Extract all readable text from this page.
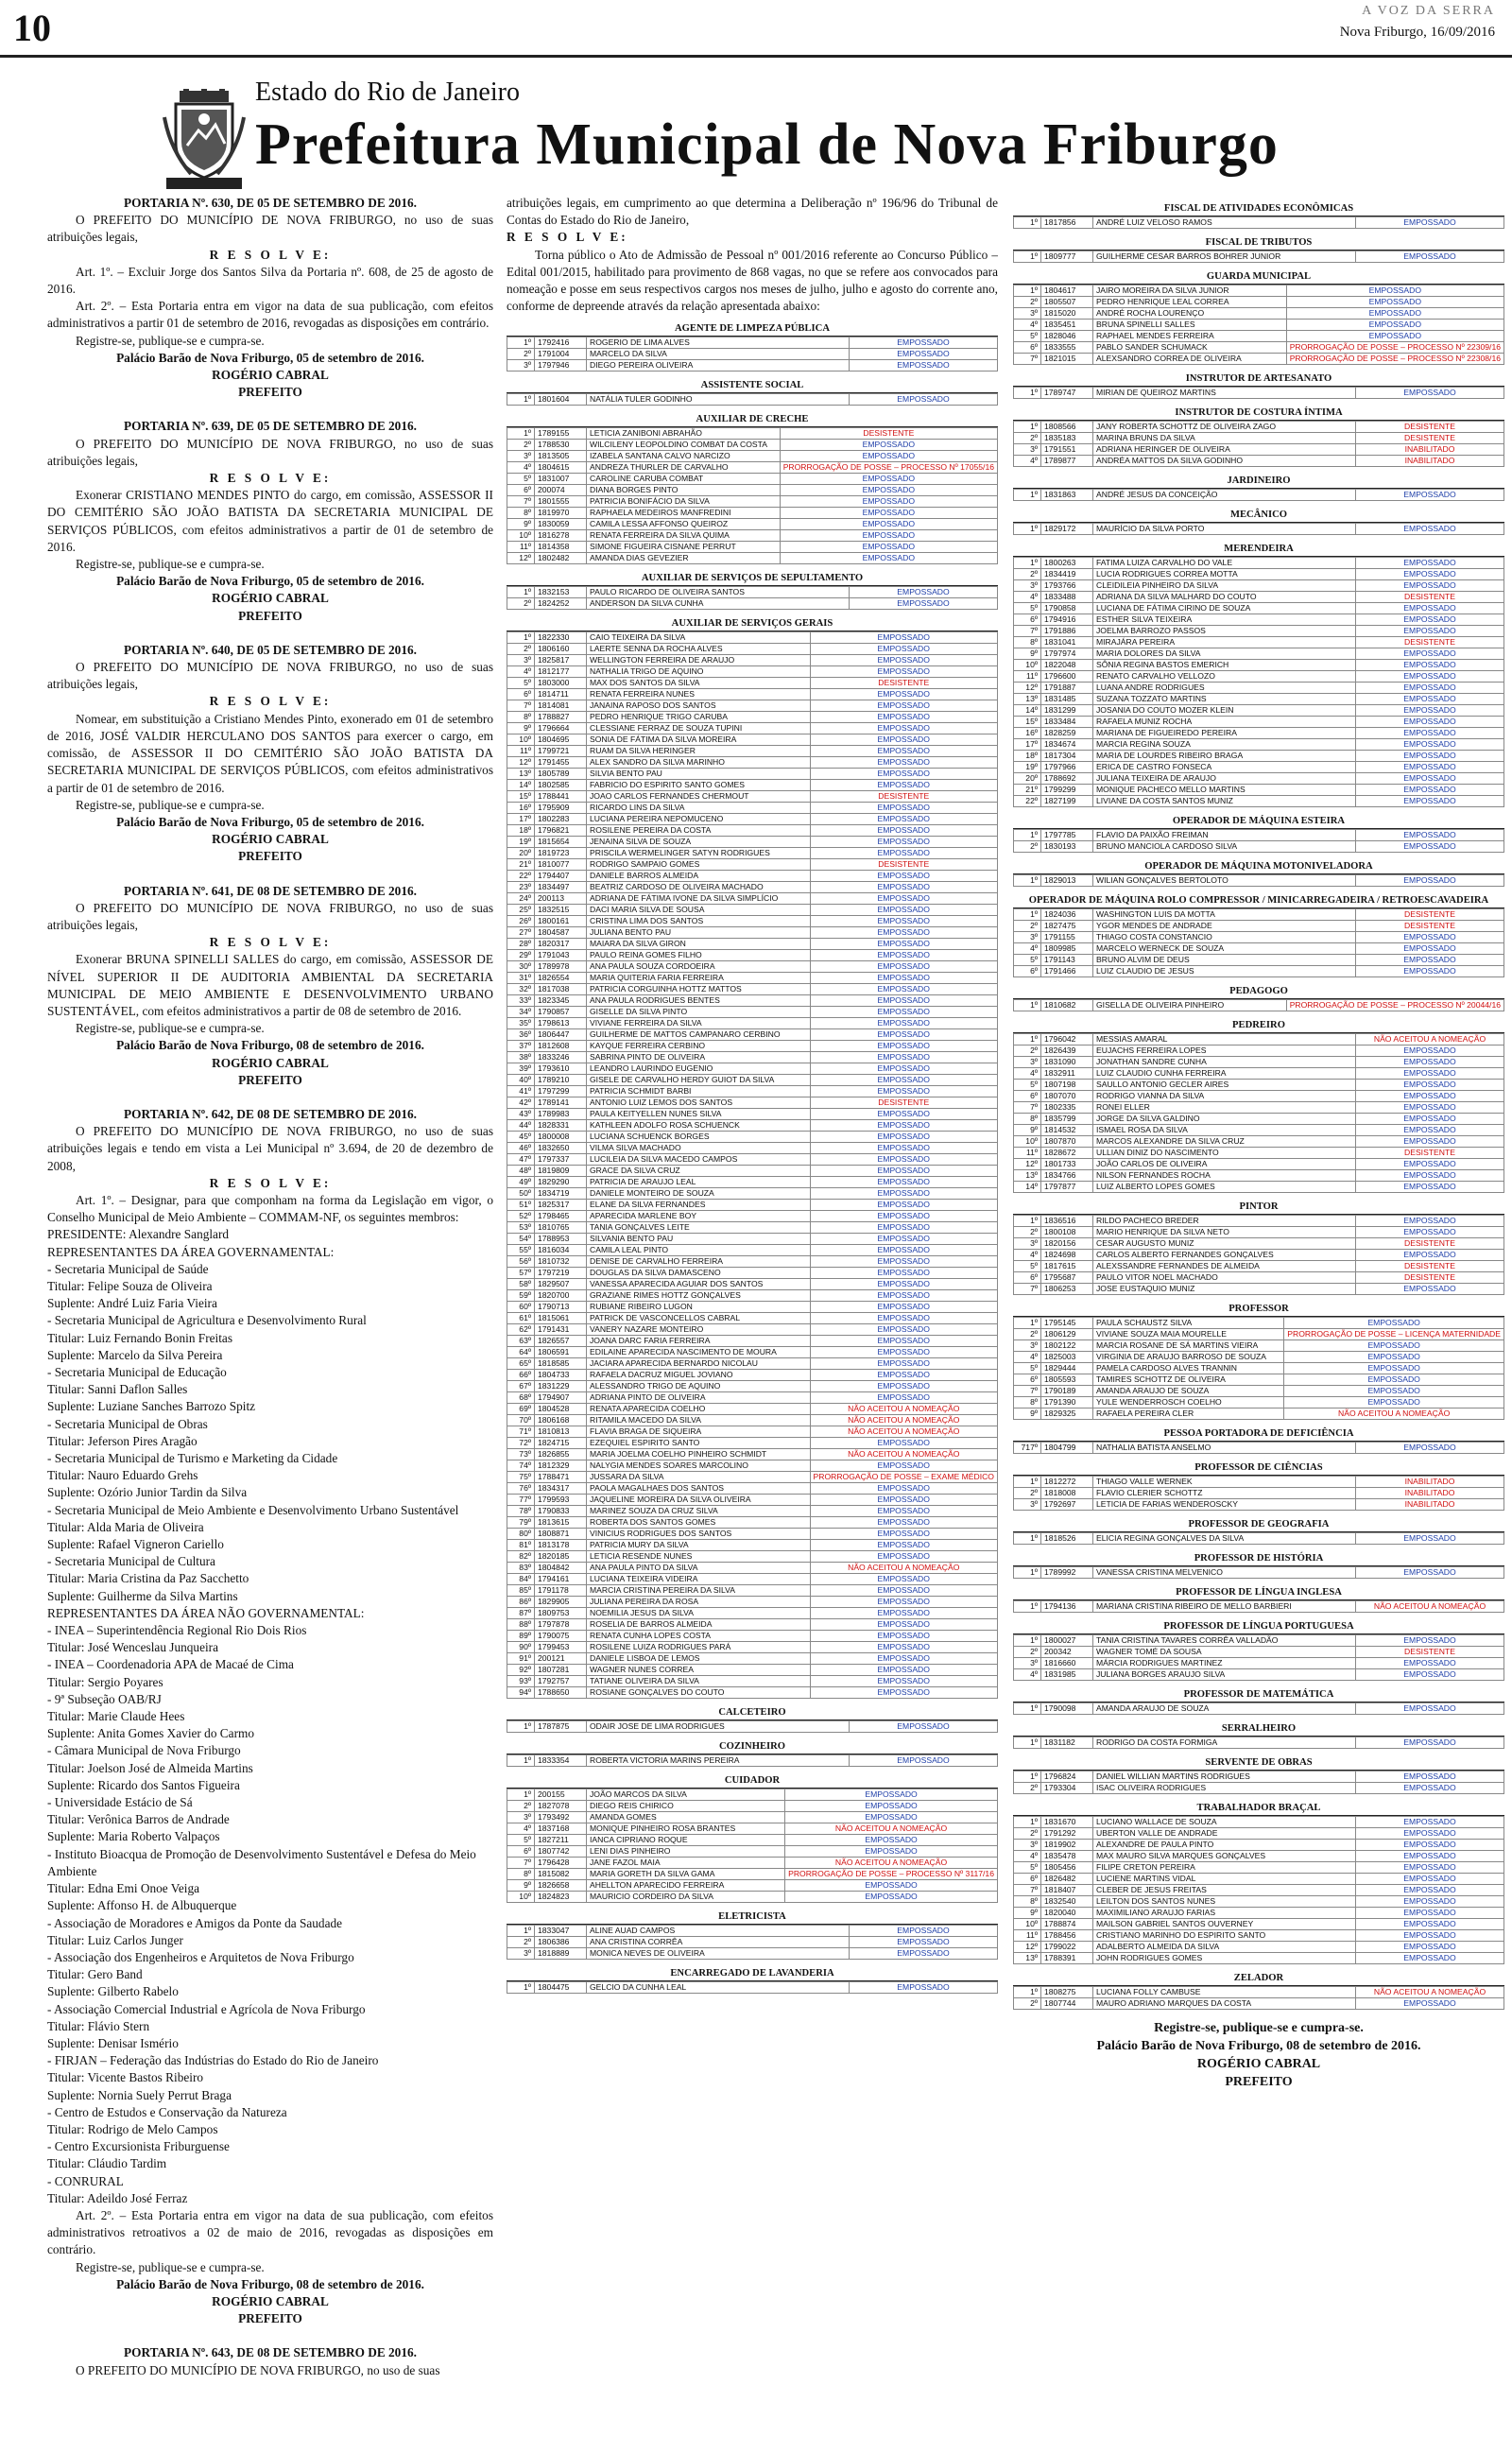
10	A VOZ DA SERRA
Nova Friburgo, 16/09/2016
Estado do Rio de Janeiro
Prefeitura Municipal de Nova Friburgo

PORTARIA Nº. 630, DE 05 DE SETEMBRO DE 2016.

O PREFEITO DO MUNICÍPIO DE NOVA FRIBURGO, no uso de suas atribuições legais,

R E S O L V E:

Art. 1º. – Excluir Jorge dos Santos Silva da Portaria nº. 608, de 25 de agosto de 2016.

Art. 2º. – Esta Portaria entra em vigor na data de sua publicação, com efeitos administrativos a partir 01 de setembro de 2016, revogadas as disposições em contrário.

Registre-se, publique-se e cumpra-se.

Palácio Barão de Nova Friburgo, 05 de setembro de 2016.

ROGÉRIO CABRAL

PREFEITO

PORTARIA Nº. 639, DE 05 DE SETEMBRO DE 2016.

O PREFEITO DO MUNICÍPIO DE NOVA FRIBURGO, no uso de suas atribuições legais,

R E S O L V E:

Exonerar CRISTIANO MENDES PINTO do cargo, em comissão, ASSESSOR II DO CEMITÉRIO SÃO JOÃO BATISTA DA SECRETARIA MUNICIPAL DE SERVIÇOS PÚBLICOS, com efeitos administrativos a partir de 01 de setembro de 2016.

Registre-se, publique-se e cumpra-se.

Palácio Barão de Nova Friburgo, 05 de setembro de 2016.

ROGÉRIO CABRAL

PREFEITO

PORTARIA Nº. 640, DE 05 DE SETEMBRO DE 2016.

O PREFEITO DO MUNICÍPIO DE NOVA FRIBURGO, no uso de suas atribuições legais,

R E S O L V E:

Nomear, em substituição a Cristiano Mendes Pinto, exonerado em 01 de setembro de 2016, JOSÉ VALDIR HERCULANO DOS SANTOS para exercer o cargo, em comissão, de ASSESSOR II DO CEMITÉRIO SÃO JOÃO BATISTA DA SECRETARIA MUNICIPAL DE SERVIÇOS PÚBLICOS, com efeitos administrativos a partir de 01 de setembro de 2016.

Registre-se, publique-se e cumpra-se.

Palácio Barão de Nova Friburgo, 05 de setembro de 2016.

ROGÉRIO CABRAL

PREFEITO

PORTARIA Nº. 641, DE 08 DE SETEMBRO DE 2016.

O PREFEITO DO MUNICÍPIO DE NOVA FRIBURGO, no uso de suas atribuições legais,

R E S O L V E:

Exonerar BRUNA SPINELLI SALLES do cargo, em comissão, ASSESSOR DE NÍVEL SUPERIOR II DE AUDITORIA AMBIENTAL DA SECRETARIA MUNICIPAL DE MEIO AMBIENTE E DESENVOLVIMENTO URBANO SUSTENTÁVEL, com efeitos administrativos a partir de 08 de setembro de 2016.

Registre-se, publique-se e cumpra-se.

Palácio Barão de Nova Friburgo, 08 de setembro de 2016.

ROGÉRIO CABRAL

PREFEITO

PORTARIA Nº. 642, DE 08 DE SETEMBRO DE 2016.

O PREFEITO DO MUNICÍPIO DE NOVA FRIBURGO, no uso de suas atribuições legais e tendo em vista a Lei Municipal nº 3.694, de 20 de dezembro de 2008,

R E S O L V E:

Art. 1º. – Designar, para que componham na forma da Legislação em vigor, o Conselho Municipal de Meio Ambiente – COMMAM-NF, os seguintes membros:

PRESIDENTE: Alexandre Sanglard

REPRESENTANTES DA ÁREA GOVERNAMENTAL:

- Secretaria Municipal de Saúde

Titular: Felipe Souza de Oliveira

Suplente: André Luiz Faria Vieira

- Secretaria Municipal de Agricultura e Desenvolvimento Rural

Titular: Luiz Fernando Bonin Freitas

Suplente: Marcelo da Silva Pereira

- Secretaria Municipal de Educação

Titular: Sanni Daflon Salles

Suplente: Luziane Sanches Barrozo Spitz

- Secretaria Municipal de Obras

Titular: Jeferson Pires Aragão

- Secretaria Municipal de Turismo e Marketing da Cidade

Titular: Nauro Eduardo Grehs

Suplente: Ozório Junior Tardin da Silva

- Secretaria Municipal de Meio Ambiente e Desenvolvimento Urbano Sustentável

Titular: Alda Maria de Oliveira

Suplente: Rafael Vigneron Cariello

- Secretaria Municipal de Cultura

Titular: Maria Cristina da Paz Sacchetto

Suplente: Guilherme da Silva Martins

REPRESENTANTES DA ÁREA NÃO GOVERNAMENTAL:

- INEA – Superintendência Regional Rio Dois Rios

Titular: José Wenceslau Junqueira

- INEA – Coordenadoria APA de Macaé de Cima

Titular: Sergio Poyares

- 9ª Subseção OAB/RJ

Titular: Marie Claude Hees

Suplente: Anita Gomes Xavier do Carmo

- Câmara Municipal de Nova Friburgo

Titular: Joelson José de Almeida Martins

Suplente: Ricardo dos Santos Figueira

- Universidade Estácio de Sá

Titular: Verônica Barros de Andrade

Suplente: Maria Roberto Valpaços

- Instituto Bioacqua de Promoção de Desenvolvimento Sustentável e Defesa do Meio Ambiente

Titular: Edna Emi Onoe Veiga

Suplente: Affonso H. de Albuquerque

- Associação de Moradores e Amigos da Ponte da Saudade

Titular: Luiz Carlos Junger

- Associação dos Engenheiros e Arquitetos de Nova Friburgo

Titular: Gero Band

Suplente: Gilberto Rabelo

- Associação Comercial Industrial e Agrícola de Nova Friburgo

Titular: Flávio Stern

Suplente: Denisar Isméri​o

- FIRJAN – Federação das Indústrias do Estado do Rio de Janeiro

Titular: Vicente Bastos Ribeiro

Suplente: Nornia Suely Perrut Braga

- Centro de Estudos e Conservação da Natureza

Titular: Rodrigo de Melo Campos

- Centro Excursionista Friburguense

Titular: Cláudio Tardim

- CONRURAL

Titular: Adeildo José Ferraz

Art. 2º. – Esta Portaria entra em vigor na data de sua publicação, com efeitos administrativos retroativos a 02 de maio de 2016, revogadas as disposições em contrário.

Registre-se, publique-se e cumpra-se.

Palácio Barão de Nova Friburgo, 08 de setembro de 2016.

ROGÉRIO CABRAL

PREFEITO

PORTARIA Nº. 643, DE 08 DE SETEMBRO DE 2016.

O PREFEITO DO MUNICÍPIO DE NOVA FRIBURGO, no uso de suas

atribuições legais, em cumprimento ao que determina a Deliberação nº 196/96 do Tribunal de Contas do Estado do Rio de Janeiro,

R E S O L V E:

Torna público o Ato de Admissão de Pessoal nº 001/2016 referente ao Concurso Público – Edital 001/2015, habilitado para provimento de 868 vagas, no que se refere aos convocados para nomeação e posse em seus respectivos cargos nos meses de julho, julho e agosto do corrente ano, conforme de depreende através da relação apresentada abaixo:

AGENTE DE LIMPEZA PÚBLICA
1º	1792416	ROGERIO DE LIMA ALVES	EMPOSSADO
2º	1791004	MARCELO DA SILVA	EMPOSSADO
3º	1797946	DIEGO PEREIRA OLIVEIRA	EMPOSSADO
ASSISTENTE SOCIAL
1º	1801604	NATÁLIA TULER GODINHO	EMPOSSADO
AUXILIAR DE CRECHE
1º	1789155	LETICIA ZANIBONI ABRAHÃO	DESISTENTE
2º	1788530	WILCILENY LEOPOLDINO COMBAT DA COSTA	EMPOSSADO
3º	1813505	IZABELA SANTANA CALVO NARCIZO	EMPOSSADO
4º	1804615	ANDREZA THURLER DE CARVALHO	PRORROGAÇÃO DE POSSE – PROCESSO Nº 17055/16
5º	1831007	CAROLINE CARUBA COMBAT	EMPOSSADO
6º	200074	DIANA BORGES PINTO	EMPOSSADO
7º	1801555	PATRICIA BONIFÁCIO DA SILVA	EMPOSSADO
8º	1819970	RAPHAELA MEDEIROS MANFREDINI	EMPOSSADO
9º	1830059	CAMILA LESSA AFFONSO QUEIROZ	EMPOSSADO
10º	1816278	RENATA FERREIRA DA SILVA QUIMA	EMPOSSADO
11º	1814358	SIMONE FIGUEIRA CISNANE PERRUT	EMPOSSADO
12º	1802482	AMANDA DIAS GEVEZIER	EMPOSSADO
AUXILIAR DE SERVIÇOS DE SEPULTAMENTO
1º	1832153	PAULO RICARDO DE OLIVEIRA SANTOS	EMPOSSADO
2º	1824252	ANDERSON DA SILVA CUNHA	EMPOSSADO
AUXILIAR DE SERVIÇOS GERAIS
1º	1822330	CAIO TEIXEIRA DA SILVA	EMPOSSADO
2º	1806160	LAERTE SENNA DA ROCHA ALVES	EMPOSSADO
3º	1825817	WELLINGTON FERREIRA DE ARAUJO	EMPOSSADO
4º	1812177	NATHALIA TRIGO DE AQUINO	EMPOSSADO
5º	1803000	MAX DOS SANTOS DA SILVA	DESISTENTE
6º	1814711	RENATA FERREIRA NUNES	EMPOSSADO
7º	1814081	JANAINA RAPOSO DOS SANTOS	EMPOSSADO
8º	1788827	PEDRO HENRIQUE TRIGO CARUBA	EMPOSSADO
9º	1796664	CLESSIANE FERRAZ DE SOUZA TUPINI	EMPOSSADO
10º	1804695	SONIA DE FÁTIMA DA SILVA MOREIRA	EMPOSSADO
11º	1799721	RUAM DA SILVA HERINGER	EMPOSSADO
12º	1791455	ALEX SANDRO DA SILVA MARINHO	EMPOSSADO
13º	1805789	SILVIA BENTO PAU	EMPOSSADO
14º	1802585	FABRICIO DO ESPIRITO SANTO GOMES	EMPOSSADO
15º	1788441	JOAO CARLOS FERNANDES CHERMOUT	DESISTENTE
16º	1795909	RICARDO LINS DA SILVA	EMPOSSADO
17º	1802283	LUCIANA PEREIRA NEPOMUCENO	EMPOSSADO
18º	1796821	ROSILENE PEREIRA DA COSTA	EMPOSSADO
19º	1815654	JENAINA SILVA DE SOUZA	EMPOSSADO
20º	1819723	PRISCILA WERMELINGER SATYN RODRIGUES	EMPOSSADO
21º	1810077	RODRIGO SAMPAIO GOMES	DESISTENTE
22º	1794407	DANIELE BARROS ALMEIDA	EMPOSSADO
23º	1834497	BEATRIZ CARDOSO DE OLIVEIRA MACHADO	EMPOSSADO
24º	200113	ADRIANA DE FÁTIMA IVONE DA SILVA SIMPLÍCIO	EMPOSSADO
25º	1832515	DACI MARIA SILVA DE SOUSA	EMPOSSADO
26º	1800161	CRISTINA LIMA DOS SANTOS	EMPOSSADO
27º	1804587	JULIANA BENTO PAU	EMPOSSADO
28º	1820317	MAIARA DA SILVA GIRON	EMPOSSADO
29º	1791043	PAULO REINA GOMES FILHO	EMPOSSADO
30º	1789978	ANA PAULA SOUZA CORDOEIRA	EMPOSSADO
31º	1826554	MARIA QUITERIA FARIA FERREIRA	EMPOSSADO
32º	1817038	PATRICIA CORGUINHA HOTTZ MATTOS	EMPOSSADO
33º	1823345	ANA PAULA RODRIGUES BENTES	EMPOSSADO
34º	1790857	GISELLE DA SILVA PINTO	EMPOSSADO
35º	1798613	VIVIANE FERREIRA DA SILVA	EMPOSSADO
36º	1806447	GUILHERME DE MATTOS CAMPANARO CERBINO	EMPOSSADO
37º	1812608	KAYQUE FERREIRA CERBINO	EMPOSSADO
38º	1833246	SABRINA PINTO DE OLIVEIRA	EMPOSSADO
39º	1793610	LEANDRO LAURINDO EUGENIO	EMPOSSADO
40º	1789210	GISELE DE CARVALHO HERDY GUIOT DA SILVA	EMPOSSADO
41º	1797299	PATRICIA SCHMIDT BARBI	EMPOSSADO
42º	1789141	ANTONIO LUIZ LEMOS DOS SANTOS	DESISTENTE
43º	1789983	PAULA KEITYELLEN NUNES SILVA	EMPOSSADO
44º	1828331	KATHLEEN ADOLFO ROSA SCHUENCK	EMPOSSADO
45º	1800008	LUCIANA SCHUENCK BORGES	EMPOSSADO
46º	1832650	VILMA SILVA MACHADO	EMPOSSADO
47º	1797337	LUCILEIA DA SILVA MACEDO CAMPOS	EMPOSSADO
48º	1819809	GRACE DA SILVA CRUZ	EMPOSSADO
49º	1829290	PATRICIA DE ARAUJO LEAL	EMPOSSADO
50º	1834719	DANIELE MONTEIRO DE SOUZA	EMPOSSADO
51º	1825317	ELANE DA SILVA FERNANDES	EMPOSSADO
52º	1798465	APARECIDA MARLENE BOY	EMPOSSADO
53º	1810765	TANIA GONÇALVES LEITE	EMPOSSADO
54º	1788953	SILVANIA BENTO PAU	EMPOSSADO
55º	1816034	CAMILA LEAL PINTO	EMPOSSADO
56º	1810732	DENISE DE CARVALHO FERREIRA	EMPOSSADO
57º	1797219	DOUGLAS DA SILVA DAMASCENO	EMPOSSADO
58º	1829507	VANESSA APARECIDA AGUIAR DOS SANTOS	EMPOSSADO
59º	1820700	GRAZIANE RIMES HOTTZ GONÇALVES	EMPOSSADO
60º	1790713	RUBIANE RIBEIRO LUGON	EMPOSSADO
61º	1815061	PATRICK DE VASCONCELLOS CABRAL	EMPOSSADO
62º	1791431	VANERY NAZARE MONTEIRO	EMPOSSADO
63º	1826557	JOANA DARC FARIA FERREIRA	EMPOSSADO
64º	1806591	EDILAINE APARECIDA NASCIMENTO DE MOURA	EMPOSSADO
65º	1818585	JACIARA APARECIDA BERNARDO NICOLAU	EMPOSSADO
66º	1804733	RAFAELA DACRUZ MIGUEL JOVIANO	EMPOSSADO
67º	1831229	ALESSANDRO TRIGO DE AQUINO	EMPOSSADO
68º	1794907	ADRIANA PINTO DE OLIVEIRA	EMPOSSADO
69º	1804528	RENATA APARECIDA COELHO	NÃO ACEITOU A NOMEAÇÃO
70º	1806168	RITAMILA MACEDO DA SILVA	NÃO ACEITOU A NOMEAÇÃO
71º	1810813	FLAVIA BRAGA DE SIQUEIRA	NÃO ACEITOU A NOMEAÇÃO
72º	1824715	EZEQUIEL ESPIRITO SANTO	EMPOSSADO
73º	1826855	MARIA JOELMA COELHO PINHEIRO SCHMIDT	NÃO ACEITOU A NOMEAÇÃO
74º	1812329	NALYGIA MENDES SOARES MARCOLINO	EMPOSSADO
75º	1788471	JUSSARA DA SILVA	PRORROGAÇÃO DE POSSE – EXAME MÉDICO
76º	1834317	PAOLA MAGALHAES DOS SANTOS	EMPOSSADO
77º	1799593	JAQUELINE MOREIRA DA SILVA OLIVEIRA	EMPOSSADO
78º	1790833	MARINEZ SOUZA DA CRUZ SILVA	EMPOSSADO
79º	1813615	ROBERTA DOS SANTOS GOMES	EMPOSSADO
80º	1808871	VINICIUS RODRIGUES DOS SANTOS	EMPOSSADO
81º	1813178	PATRICIA MURY DA SILVA	EMPOSSADO
82º	1820185	LETICIA RESENDE NUNES	EMPOSSADO
83º	1804842	ANA PAULA PINTO DA SILVA	NÃO ACEITOU A NOMEAÇÃO
84º	1794161	LUCIANA TEIXEIRA VIDEIRA	EMPOSSADO
85º	1791178	MARCIA CRISTINA PEREIRA DA SILVA	EMPOSSADO
86º	1829905	JULIANA PEREIRA DA ROSA	EMPOSSADO
87º	1809753	NOEMILIA JESUS DA SILVA	EMPOSSADO
88º	1797878	ROSELIA DE BARROS ALMEIDA	EMPOSSADO
89º	1790075	RENATA CUNHA LOPES COSTA	EMPOSSADO
90º	1799453	ROSILENE LUIZA RODRIGUES PARÁ	EMPOSSADO
91º	200121	DANIELE LISBOA DE LEMOS	EMPOSSADO
92º	1807281	WAGNER NUNES CORREA	EMPOSSADO
93º	1792757	TATIANE OLIVEIRA DA SILVA	EMPOSSADO
94º	1788650	ROSIANE GONÇALVES DO COUTO	EMPOSSADO
CALCETEIRO
1º	1787875	ODAIR JOSE DE LIMA RODRIGUES	EMPOSSADO
COZINHEIRO
1º	1833354	ROBERTA VICTORIA MARINS PEREIRA	EMPOSSADO
CUIDADOR
1º	200155	JOÃO MARCOS DA SILVA	EMPOSSADO
2º	1827078	DIEGO REIS CHIRICO	EMPOSSADO
3º	1793492	AMANDA GOMES	EMPOSSADO
4º	1837168	MONIQUE PINHEIRO ROSA BRANTES	NÃO ACEITOU A NOMEAÇÃO
5º	1827211	IANCA CIPRIANO ROQUE	EMPOSSADO
6º	1807742	LENI DIAS PINHEIRO	EMPOSSADO
7º	1796428	JANE FAZOL MAIA	NÃO ACEITOU A NOMEAÇÃO
8º	1815082	MARIA GORETH DA SILVA GAMA	PRORROGAÇÃO DE POSSE – PROCESSO Nº 3117/16
9º	1826658	AHELLTON APARECIDO FERREIRA	EMPOSSADO
10º	1824823	MAURICIO CORDEIRO DA SILVA	EMPOSSADO
ELETRICISTA
1º	1833047	ALINE AUAD CAMPOS	EMPOSSADO
2º	1806386	ANA CRISTINA CORRÊA	EMPOSSADO
3º	1818889	MONICA NEVES DE OLIVEIRA	EMPOSSADO
ENCARREGADO DE LAVANDERIA
1º	1804475	GELCIO DA CUNHA LEAL	EMPOSSADO
FISCAL DE ATIVIDADES ECONÔMICAS
1º	1817856	ANDRÉ LUIZ VELOSO RAMOS	EMPOSSADO
FISCAL DE TRIBUTOS
1º	1809777	GUILHERME CESAR BARROS BOHRER JUNIOR	EMPOSSADO
GUARDA MUNICIPAL
1º	1804617	JAIRO MOREIRA DA SILVA JUNIOR	EMPOSSADO
2º	1805507	PEDRO HENRIQUE LEAL CORREA	EMPOSSADO
3º	1815020	ANDRÉ ROCHA LOURENÇO	EMPOSSADO
4º	1835451	BRUNA SPINELLI SALLES	EMPOSSADO
5º	1828046	RAPHAEL MENDES FERREIRA	EMPOSSADO
6º	1833555	PABLO SANDER SCHUMACK	PRORROGAÇÃO DE POSSE – PROCESSO Nº 22309/16
7º	1821015	ALEXSANDRO CORREA DE OLIVEIRA	PRORROGAÇÃO DE POSSE – PROCESSO Nº 22308/16
INSTRUTOR DE ARTESANATO
1º	1789747	MIRIAN DE QUEIROZ MARTINS	EMPOSSADO
INSTRUTOR DE COSTURA ÍNTIMA
1º	1808566	JANY ROBERTA SCHOTTZ DE OLIVEIRA ZAGO	DESISTENTE
2º	1835183	MARINA BRUNS DA SILVA	DESISTENTE
3º	1791551	ADRIANA HERINGER DE OLIVEIRA	INABILITADO
4º	1789877	ANDRÉA MATTOS DA SILVA GODINHO	INABILITADO
JARDINEIRO
1º	1831863	ANDRÉ JESUS DA CONCEIÇÃO	EMPOSSADO
MECÂNICO
1º	1829172	MAURÍCIO DA SILVA PORTO	EMPOSSADO
MERENDEIRA
1º	1800263	FATIMA LUIZA CARVALHO DO VALE	EMPOSSADO
2º	1834419	LUCIA RODRIGUES CORREA MOTTA	EMPOSSADO
3º	1793766	CLEIDILEIA PINHEIRO DA SILVA	EMPOSSADO
4º	1833488	ADRIANA DA SILVA MALHARD DO COUTO	DESISTENTE
5º	1790858	LUCIANA DE FÁTIMA CIRINO DE SOUZA	EMPOSSADO
6º	1794916	ESTHER SILVA TEIXEIRA	EMPOSSADO
7º	1791886	JOELMA BARROZO PASSOS	EMPOSSADO
8º	1831041	MIRAJÁRA PEREIRA	DESISTENTE
9º	1797974	MARIA DOLORES DA SILVA	EMPOSSADO
10º	1822048	SÔNIA REGINA BASTOS EMERICH	EMPOSSADO
11º	1796600	RENATO CARVALHO VELLOZO	EMPOSSADO
12º	1791887	LUANA ANDRE RODRIGUES	EMPOSSADO
13º	1831485	SUZANA TOZZATO MARTINS	EMPOSSADO
14º	1831299	JOSANIA DO COUTO MOZER KLEIN	EMPOSSADO
15º	1833484	RAFAELA MUNIZ ROCHA	EMPOSSADO
16º	1828259	MARIANA DE FIGUEIREDO PEREIRA	EMPOSSADO
17º	1834674	MARCIA REGINA SOUZA	EMPOSSADO
18º	1817304	MARIA DE LOURDES RIBEIRO BRAGA	EMPOSSADO
19º	1797966	ERICA DE CASTRO FONSECA	EMPOSSADO
20º	1788692	JULIANA TEIXEIRA DE ARAUJO	EMPOSSADO
21º	1799299	MONIQUE PACHECO MELLO MARTINS	EMPOSSADO
22º	1827199	LIVIANE DA COSTA SANTOS MUNIZ	EMPOSSADO
OPERADOR DE MÁQUINA ESTEIRA
1º	1797785	FLAVIO DA PAIXÃO FREIMAN	EMPOSSADO
2º	1830193	BRUNO MANCIOLA CARDOSO SILVA	EMPOSSADO
OPERADOR DE MÁQUINA MOTONIVELADORA
1º	1829013	WILIAN GONÇALVES BERTOLOTO	EMPOSSADO
OPERADOR DE MÁQUINA ROLO COMPRESSOR / MINICARREGADEIRA / RETROESCAVADEIRA
1º	1824036	WASHINGTON LUIS DA MOTTA	DESISTENTE
2º	1827475	YGOR MENDES DE ANDRADE	DESISTENTE
3º	1791155	THIAGO COSTA CONSTANCIO	EMPOSSADO
4º	1809985	MARCELO WERNECK DE SOUZA	EMPOSSADO
5º	1791143	BRUNO ALVIM DE DEUS	EMPOSSADO
6º	1791466	LUIZ CLAUDIO DE JESUS	EMPOSSADO
PEDAGOGO
1º	1810682	GISELLA DE OLIVEIRA PINHEIRO	PRORROGAÇÃO DE POSSE – PROCESSO Nº 20044/16
PEDREIRO
1º	1796042	MESSIAS AMARAL	NÃO ACEITOU A NOMEAÇÃO
2º	1826439	EUJACHS FERREIRA LOPES	EMPOSSADO
3º	1831090	JONATHAN SANDRE CUNHA	EMPOSSADO
4º	1832911	LUIZ CLAUDIO CUNHA FERREIRA	EMPOSSADO
5º	1807198	SAULLO ANTONIO GECLER AIRES	EMPOSSADO
6º	1807070	RODRIGO VIANNA DA SILVA	EMPOSSADO
7º	1802335	RONEI ELLER	EMPOSSADO
8º	1835799	JORGE DA SILVA GALDINO	EMPOSSADO
9º	1814532	ISMAEL ROSA DA SILVA	EMPOSSADO
10º	1807870	MARCOS ALEXANDRE DA SILVA CRUZ	EMPOSSADO
11º	1828672	ULLIAN DINIZ DO NASCIMENTO	DESISTENTE
12º	1801733	JOÃO CARLOS DE OLIVEIRA	EMPOSSADO
13º	1834766	NILSON FERNANDES ROCHA	EMPOSSADO
14º	1797877	LUIZ ALBERTO LOPES GOMES	EMPOSSADO
PINTOR
1º	1836516	RILDO PACHECO BREDER	EMPOSSADO
2º	1800108	MARIO HENRIQUE DA SILVA NETO	EMPOSSADO
3º	1820156	CESAR AUGUSTO MUNIZ	DESISTENTE
4º	1824698	CARLOS ALBERTO FERNANDES GONÇALVES	EMPOSSADO
5º	1817615	ALEXSSANDRE FERNANDES DE ALMEIDA	DESISTENTE
6º	1795687	PAULO VITOR NOEL MACHADO	DESISTENTE
7º	1806253	JOSE EUSTAQUIO MUNIZ	EMPOSSADO
PROFESSOR
1º	1795145	PAULA SCHAUSTZ SILVA	EMPOSSADO
2º	1806129	VIVIANE SOUZA MAIA MOURELLE	PRORROGAÇÃO DE POSSE – LICENÇA MATERNIDADE
3º	1802122	MARCIA ROSANE DE SÁ MARTINS VIEIRA	EMPOSSADO
4º	1825003	VIRGINIA DE ARAUJO BARROSO DE SOUZA	EMPOSSADO
5º	1829444	PAMELA CARDOSO ALVES TRANNIN	EMPOSSADO
6º	1805593	TAMIRES SCHOTTZ DE OLIVEIRA	EMPOSSADO
7º	1790189	AMANDA ARAUJO DE SOUZA	EMPOSSADO
8º	1791390	YULE WENDERROSCH COELHO	EMPOSSADO
9º	1829325	RAFAELA PEREIRA CLER	NÃO ACEITOU A NOMEAÇÃO
PESSOA PORTADORA DE DEFICIÊNCIA
717º	1804799	NATHALIA BATISTA ANSELMO	EMPOSSADO
PROFESSOR DE CIÊNCIAS
1º	1812272	THIAGO VALLE WERNEK	INABILITADO
2º	1818008	FLAVIO CLERIER SCHOTTZ	INABILITADO
3º	1792697	LETICIA DE FARIAS WENDEROSCKY	INABILITADO
PROFESSOR DE GEOGRAFIA
1º	1818526	ELICIA REGINA GONÇALVES DA SILVA	EMPOSSADO
PROFESSOR DE HISTÓRIA
1º	1789992	VANESSA CRISTINA MELVENICO	EMPOSSADO
PROFESSOR DE LÍNGUA INGLESA
1º	1794136	MARIANA CRISTINA RIBEIRO DE MELLO BARBIERI	NÃO ACEITOU A NOMEAÇÃO
PROFESSOR DE LÍNGUA PORTUGUESA
1º	1800027	TANIA CRISTINA TAVARES CORRÊA VALLADÃO	EMPOSSADO
2º	200342	WAGNER TOMÉ DA SOUSA	DESISTENTE
3º	1816660	MÁRCIA RODRIGUES MARTINEZ	EMPOSSADO
4º	1831985	JULIANA BORGES ARAUJO SILVA	EMPOSSADO
PROFESSOR DE MATEMÁTICA
1º	1790098	AMANDA ARAUJO DE SOUZA	EMPOSSADO
SERRALHEIRO
1º	1831182	RODRIGO DA COSTA FORMIGA	EMPOSSADO
SERVENTE DE OBRAS
1º	1796824	DANIEL WILLIAN MARTINS RODRIGUES	EMPOSSADO
2º	1793304	ISAC OLIVEIRA RODRIGUES	EMPOSSADO
TRABALHADOR BRAÇAL
1º	1831670	LUCIANO WALLACE DE SOUZA	EMPOSSADO
2º	1791292	UBERTON VALLE DE ANDRADE	EMPOSSADO
3º	1819902	ALEXANDRE DE PAULA PINTO	EMPOSSADO
4º	1835478	MAX MAURO SILVA MARQUES GONÇALVES	EMPOSSADO
5º	1805456	FILIPE CRETON PEREIRA	EMPOSSADO
6º	1826482	LUCIENE MARTINS VIDAL	EMPOSSADO
7º	1818407	CLEBER DE JESUS FREITAS	EMPOSSADO
8º	1832540	LEILTON DOS SANTOS NUNES	EMPOSSADO
9º	1820040	MAXIMILIANO ARAUJO FARIAS	EMPOSSADO
10º	1788874	MAILSON GABRIEL SANTOS OUVERNEY	EMPOSSADO
11º	1788456	CRISTIANO MARINHO DO ESPIRITO SANTO	EMPOSSADO
12º	1799022	ADALBERTO ALMEIDA DA SILVA	EMPOSSADO
13º	1788391	JOHN RODRIGUES GOMES	EMPOSSADO
ZELADOR
1º	1808275	LUCIANA FOLLY CAMBUSE	NÃO ACEITOU A NOMEAÇÃO
2º	1807744	MAURO ADRIANO MARQUES DA COSTA	EMPOSSADO
Registre-se, publique-se e cumpra-se.
Palácio Barão de Nova Friburgo, 08 de setembro de 2016.
ROGÉRIO CABRAL
PREFEITO
